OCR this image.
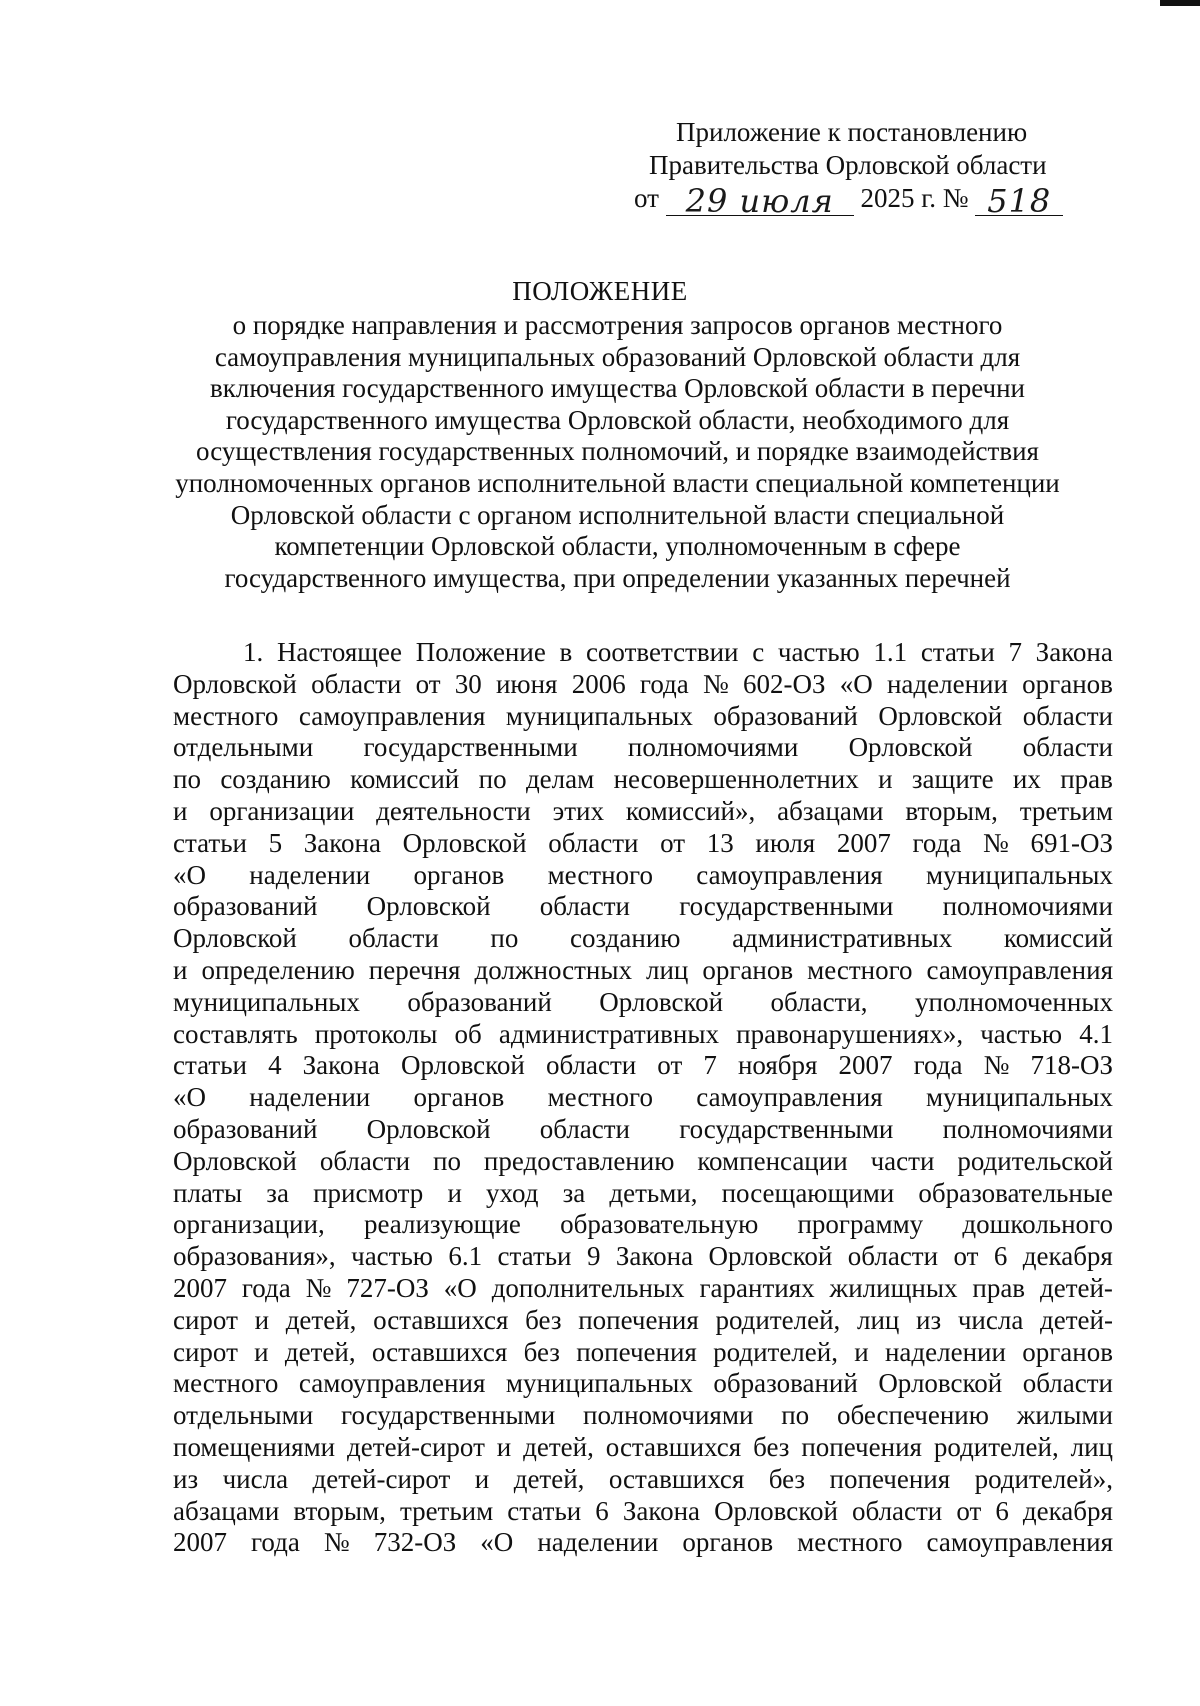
Приложение к постановлению
Правительства Орловской области
от 29 июля 2025 г. № 518
ПОЛОЖЕНИЕ
о порядке направления и рассмотрения запросов органов местного
самоуправления муниципальных образований Орловской области для
включения государственного имущества Орловской области в перечни
государственного имущества Орловской области, необходимого для
осуществления государственных полномочий, и порядке взаимодействия
уполномоченных органов исполнительной власти специальной компетенции
Орловской области с органом исполнительной власти специальной
компетенции Орловской области, уполномоченным в сфере
государственного имущества, при определении указанных перечней
1. Настоящее Положение в соответствии с частью 1.1 статьи 7 Закона
Орловской области от 30 июня 2006 года № 602-ОЗ «О наделении органов
местного самоуправления муниципальных образований Орловской области
отдельными государственными полномочиями Орловской области
по созданию комиссий по делам несовершеннолетних и защите их прав
и организации деятельности этих комиссий», абзацами вторым, третьим
статьи 5 Закона Орловской области от 13 июля 2007 года № 691-ОЗ
«О наделении органов местного самоуправления муниципальных
образований Орловской области государственными полномочиями
Орловской области по созданию административных комиссий
и определению перечня должностных лиц органов местного самоуправления
муниципальных образований Орловской области, уполномоченных
составлять протоколы об административных правонарушениях», частью 4.1
статьи 4 Закона Орловской области от 7 ноября 2007 года № 718-ОЗ
«О наделении органов местного самоуправления муниципальных
образований Орловской области государственными полномочиями
Орловской области по предоставлению компенсации части родительской
платы за присмотр и уход за детьми, посещающими образовательные
организации, реализующие образовательную программу дошкольного
образования», частью 6.1 статьи 9 Закона Орловской области от 6 декабря
2007 года № 727-ОЗ «О дополнительных гарантиях жилищных прав детей-
сирот и детей, оставшихся без попечения родителей, лиц из числа детей-
сирот и детей, оставшихся без попечения родителей, и наделении органов
местного самоуправления муниципальных образований Орловской области
отдельными государственными полномочиями по обеспечению жилыми
помещениями детей-сирот и детей, оставшихся без попечения родителей, лиц
из числа детей-сирот и детей, оставшихся без попечения родителей»,
абзацами вторым, третьим статьи 6 Закона Орловской области от 6 декабря
2007 года № 732-ОЗ «О наделении органов местного самоуправления
